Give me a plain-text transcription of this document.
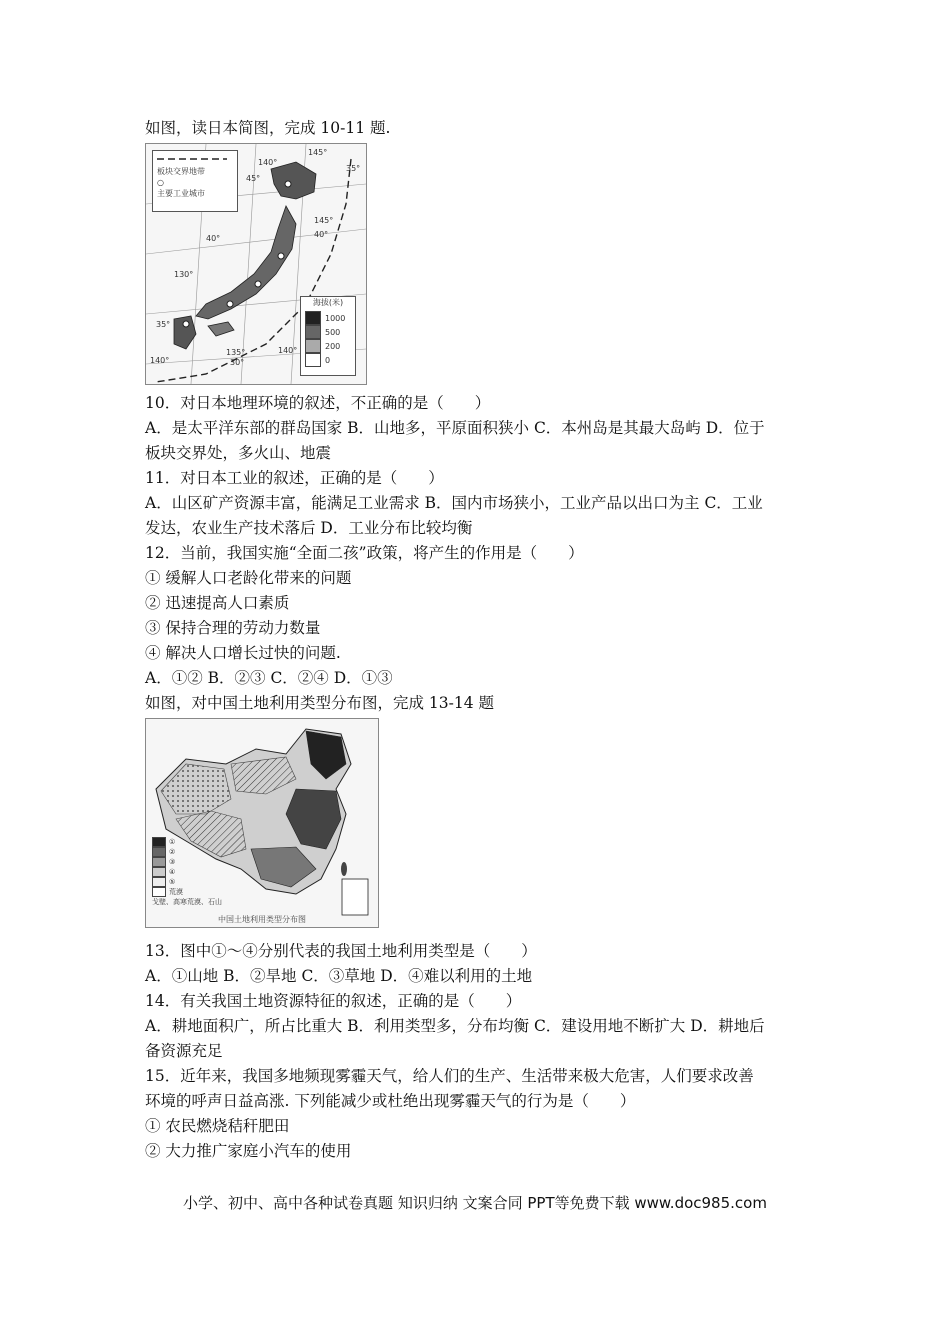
如图，读日本简图，完成 10-11 题.
板块交界地带
○
主要工业城市
140°
145°
45°
35°
145°
40°	40°
130°
35°
135°	140°
30°
140°
海拔(米)
1000
500
200
0
10．对日本地理环境的叙述，不正确的是（　　）
A．是太平洋东部的群岛国家 B．山地多，平原面积狭小 C．本州岛是其最大岛屿 D．位于
板块交界处，多火山、地震
11．对日本工业的叙述，正确的是（　　）
A．山区矿产资源丰富，能满足工业需求 B．国内市场狭小，工业产品以出口为主 C．工业
发达，农业生产技术落后 D．工业分布比较均衡
12．当前，我国实施“全面二孩”政策，将产生的作用是（　　）
① 缓解人口老龄化带来的问题
② 迅速提高人口素质
③ 保持合理的劳动力数量
④ 解决人口增长过快的问题.
A．①② B．②③ C．②④ D．①③
如图，对中国土地利用类型分布图，完成 13-14 题
①
②
③
④
⑤
荒漠
戈壁、高寒荒漠、石山
中国土地利用类型分布图
13．图中①～④分别代表的我国土地利用类型是（　　）
A．①山地 B．②旱地 C．③草地 D．④难以利用的土地
14．有关我国土地资源特征的叙述，正确的是（　　）
A．耕地面积广，所占比重大 B．利用类型多，分布均衡 C．建设用地不断扩大 D．耕地后
备资源充足
15．近年来，我国多地频现雾霾天气，给人们的生产、生活带来极大危害，人们要求改善
环境的呼声日益高涨. 下列能减少或杜绝出现雾霾天气的行为是（　　）
① 农民燃烧秸秆肥田
② 大力推广家庭小汽车的使用
小学、初中、高中各种试卷真题 知识归纳 文案合同 PPT等免费下载 www.doc985.com
